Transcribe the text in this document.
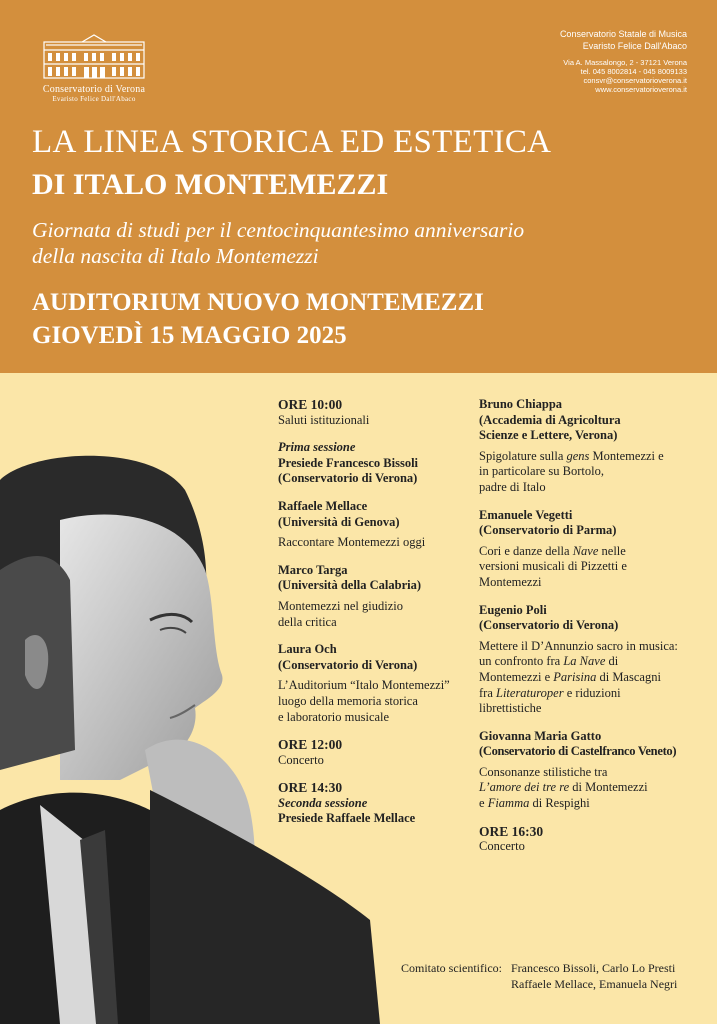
Conservatorio di Verona
Evaristo Felice Dall'Abaco
Conservatorio Statale di Musica
Evaristo Felice Dall'Abaco
Via A. Massalongo, 2 - 37121 Verona
tel. 045 8002814 - 045 8009133
consvr@conservatorioverona.it
www.conservatorioverona.it
LA LINEA STORICA ED ESTETICA
DI ITALO MONTEMEZZI
Giornata di studi per il centocinquantesimo anniversario
della nascita di Italo Montemezzi
AUDITORIUM NUOVO MONTEMEZZI
GIOVEDÌ 15 MAGGIO 2025
ORE 10:00
Saluti istituzionali
Prima sessione
Presiede Francesco Bissoli
(Conservatorio di Verona)
Raffaele Mellace
(Università di Genova)
Raccontare Montemezzi oggi
Marco Targa
(Università della Calabria)
Montemezzi nel giudizio
della critica
Laura Och
(Conservatorio di Verona)
L’Auditorium “Italo Montemezzi”
luogo della memoria storica
e laboratorio musicale
ORE 12:00
Concerto
ORE 14:30
Seconda sessione
Presiede Raffaele Mellace
Bruno Chiappa
(Accademia di Agricoltura
Scienze e Lettere, Verona)
Spigolature sulla gens Montemezzi e
in particolare su Bortolo,
padre di Italo
Emanuele Vegetti
(Conservatorio di Parma)
Cori e danze della Nave nelle
versioni musicali di Pizzetti e
Montemezzi
Eugenio Poli
(Conservatorio di Verona)
Mettere il D’Annunzio sacro in musica:
un confronto fra La Nave di
Montemezzi e Parisina di Mascagni
fra Literaturoper e riduzioni
librettistiche
Giovanna Maria Gatto
(Conservatorio di Castelfranco Veneto)
Consonanze stilistiche tra
L’amore dei tre re di Montemezzi
e Fiamma di Respighi
ORE 16:30
Concerto
Comitato scientifico: Francesco Bissoli, Carlo Lo Presti
Raffaele Mellace, Emanuela Negri
